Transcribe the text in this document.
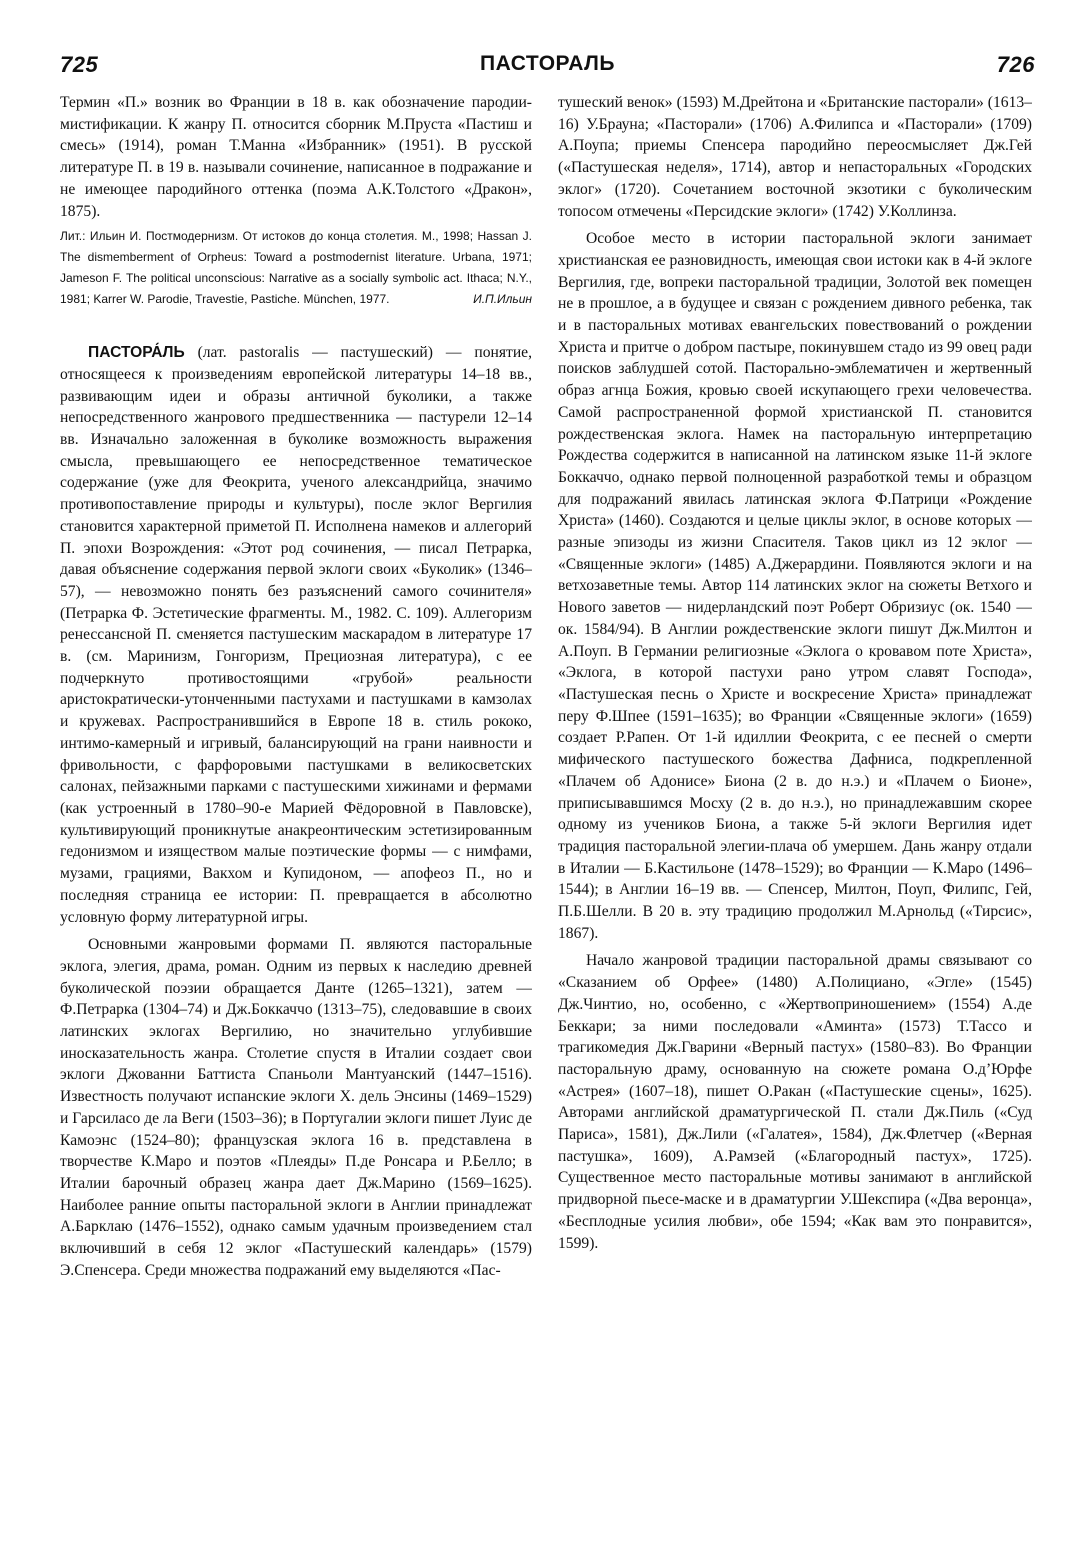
725	ПАСТОРАЛЬ	726

Термин «П.» возник во Франции в 18 в. как обозначение пародии-мистификации. К жанру П. относится сборник М.Пруста «Пастиш и смесь» (1914), роман Т.Манна «Избранник» (1951). В русской литературе П. в 19 в. называли сочинение, написанное в подражание и не имеющее пародийного оттенка (поэма А.К.Толстого «Дракон», 1875).

Лит.: Ильин И. Постмодернизм. От истоков до конца столетия. М., 1998; Hassan J. The dismemberment of Orpheus: Toward a postmodernist literature. Urbana, 1971; Jameson F. The political unconscious: Narrative as a socially symbolic act. Ithaca; N.Y., 1981; Karrer W. Parodie, Travestie, Pastiche. München, 1977.	И.П.Ильин

ПАСТОРА́ЛЬ (лат. pastoralis — пастушеский) — понятие, относящееся к произведениям европейской литературы 14–18 вв., развивающим идеи и образы античной буколики, а также непосредственного жанрового предшественника — пастурели 12–14 вв. Изначально заложенная в буколике возможность выражения смысла, превышающего ее непосредственное тематическое содержание (уже для Феокрита, ученого александрийца, значимо противопоставление природы и культуры), после эклог Вергилия становится характерной приметой П. Исполнена намеков и аллегорий П. эпохи Возрождения: «Этот род сочинения, — писал Петрарка, давая объяснение содержания первой эклоги своих «Буколик» (1346–57), — невозможно понять без разъяснений самого сочинителя» (Петрарка Ф. Эстетические фрагменты. М., 1982. С. 109). Аллегоризм ренессансной П. сменяется пастушеским маскарадом в литературе 17 в. (см. Маринизм, Гонгоризм, Прециозная литература), с ее подчеркнуто противостоящими «грубой» реальности аристократически-утонченными пастухами и пастушками в камзолах и кружевах. Распространившийся в Европе 18 в. стиль рококо, интимо-камерный и игривый, балансирующий на грани наивности и фривольности, с фарфоровыми пастушками в великосветских салонах, пейзажными парками с пастушескими хижинами и фермами (как устроенный в 1780–90-е Марией Фёдоровной в Павловске), культивирующий проникнутые анакреонтическим эстетизированным гедонизмом и изяществом малые поэтические формы — с нимфами, музами, грациями, Вакхом и Купидоном, — апофеоз П., но и последняя страница ее истории: П. превращается в абсолютно условную форму литературной игры.

Основными жанровыми формами П. являются пасторальные эклога, элегия, драма, роман. Одним из первых к наследию древней буколической поэзии обращается Данте (1265–1321), затем — Ф.Петрарка (1304–74) и Дж.Боккаччо (1313–75), следовавшие в своих латинских эклогах Вергилию, но значительно углубившие иносказательность жанра. Столетие спустя в Италии создает свои эклоги Джованни Баттиста Спаньоли Мантуанский (1447–1516). Известность получают испанские эклоги Х. дель Энсины (1469–1529) и Гарсиласо де ла Веги (1503–36); в Португалии эклоги пишет Луис де Камоэнс (1524–80); французская эклога 16 в. представлена в творчестве К.Маро и поэтов «Плеяды» П.де Ронсара и Р.Белло; в Италии барочный образец жанра дает Дж.Марино (1569–1625). Наиболее ранние опыты пасторальной эклоги в Англии принадлежат А.Барклаю (1476–1552), однако самым удачным произведением стал включивший в себя 12 эклог «Пастушеский календарь» (1579) Э.Спенсера. Среди множества подражаний ему выделяются «Пас-

тушеский венок» (1593) М.Дрейтона и «Британские пасторали» (1613–16) У.Брауна; «Пасторали» (1706) А.Филипса и «Пасторали» (1709) А.Поупа; приемы Спенсера пародийно переосмысляет Дж.Гей («Пастушеская неделя», 1714), автор и непасторальных «Городских эклог» (1720). Сочетанием восточной экзотики с буколическим топосом отмечены «Персидские эклоги» (1742) У.Коллинза.

Особое место в истории пасторальной эклоги занимает христианская ее разновидность, имеющая свои истоки как в 4-й эклоге Вергилия, где, вопреки пасторальной традиции, Золотой век помещен не в прошлое, а в будущее и связан с рождением дивного ребенка, так и в пасторальных мотивах евангельских повествований о рождении Христа и притче о добром пастыре, покинувшем стадо из 99 овец ради поисков заблудшей сотой. Пасторально-эмблематичен и жертвенный образ агнца Божия, кровью своей искупающего грехи человечества. Самой распространенной формой христианской П. становится рождественская эклога. Намек на пасторальную интерпретацию Рождества содержится в написанной на латинском языке 11-й эклоге Боккаччо, однако первой полноценной разработкой темы и образцом для подражаний явилась латинская эклога Ф.Патрици «Рождение Христа» (1460). Создаются и целые циклы эклог, в основе которых — разные эпизоды из жизни Спасителя. Таков цикл из 12 эклог — «Священные эклоги» (1485) А.Джерардини. Появляются эклоги и на ветхозаветные темы. Автор 114 латинских эклог на сюжеты Ветхого и Нового заветов — нидерландский поэт Роберт Обризиус (ок. 1540 — ок. 1584/94). В Англии рождественские эклоги пишут Дж.Милтон и А.Поуп. В Германии религиозные «Эклога о кровавом поте Христа», «Эклога, в которой пастухи рано утром славят Господа», «Пастушеская песнь о Христе и воскресение Христа» принадлежат перу Ф.Шпее (1591–1635); во Франции «Священные эклоги» (1659) создает Р.Рапен. От 1-й идиллии Феокрита, с ее песней о смерти мифического пастушеского божества Дафниса, подкрепленной «Плачем об Адонисе» Биона (2 в. до н.э.) и «Плачем о Бионе», приписывавшимся Мосху (2 в. до н.э.), но принадлежавшим скорее одному из учеников Биона, а также 5-й эклоги Вергилия идет традиция пасторальной элегии-плача об умершем. Дань жанру отдали в Италии — Б.Кастильоне (1478–1529); во Франции — К.Маро (1496–1544); в Англии 16–19 вв. — Спенсер, Милтон, Поуп, Филипс, Гей, П.Б.Шелли. В 20 в. эту традицию продолжил М.Арнольд («Тирсис», 1867).

Начало жанровой традиции пасторальной драмы связывают со «Сказанием об Орфее» (1480) А.Полициано, «Эгле» (1545) Дж.Чинтио, но, особенно, с «Жертвоприношением» (1554) А.де Беккари; за ними последовали «Аминта» (1573) Т.Тассо и трагикомедия Дж.Гварини «Верный пастух» (1580–83). Во Франции пасторальную драму, основанную на сюжете романа О.д’Юрфе «Астрея» (1607–18), пишет О.Ракан («Пастушеские сцены», 1625). Авторами английской драматургической П. стали Дж.Пиль («Суд Париса», 1581), Дж.Лили («Галатея», 1584), Дж.Флетчер («Верная пастушка», 1609), А.Рамзей («Благородный пастух», 1725). Существенное место пасторальные мотивы занимают в английской придворной пьесе-маске и в драматургии У.Шекспира («Два веронца», «Бесплодные усилия любви», обе 1594; «Как вам это понравится», 1599).
